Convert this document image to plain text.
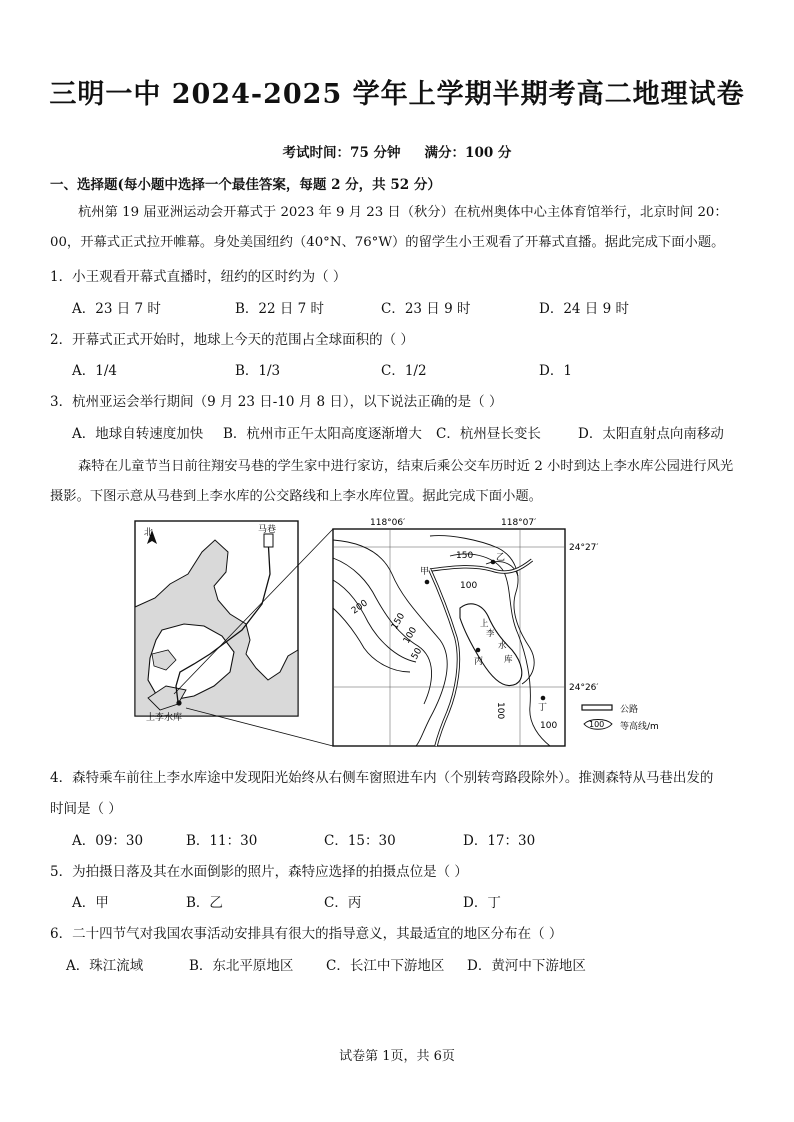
三明一中 2024-2025 学年上学期半期考高二地理试卷
考试时间：75 分钟 满分：100 分
一、选择题(每小题中选择一个最佳答案，每题 2 分，共 52 分）
杭州第 19 届亚洲运动会开幕式于 2023 年 9 月 23 日（秋分）在杭州奥体中心主体育馆举行，北京时间 20：00，开幕式正式拉开帷幕。身处美国纽约（40°N、76°W）的留学生小王观看了开幕式直播。据此完成下面小题。
1．小王观看开幕式直播时，纽约的区时约为（ ）
A．23 日 7 时	B．22 日 7 时	C．23 日 9 时	D．24 日 9 时
2．开幕式正式开始时，地球上今天的范围占全球面积的（ ）
A．1/4	B．1/3	C．1/2	D．1
3．杭州亚运会举行期间（9 月 23 日-10 月 8 日），以下说法正确的是（ ）
A．地球自转速度加快 B．杭州市正午太阳高度逐渐增大 C．杭州昼长变长	D．太阳直射点向南移动
森特在儿童节当日前往翔安马巷的学生家中进行家访，结束后乘公交车历时近 2 小时到达上李水库公园进行风光摄影。下图示意从马巷到上李水库的公交路线和上李水库位置。据此完成下面小题。
北	马巷
上李水库
甲
乙
丙
丁
150
100
200
150
100
50
100
100
上
李
水
库
118°06′	118°07′
24°27′
24°26′
公路
100 等高线/m
4．森特乘车前往上李水库途中发现阳光始终从右侧车窗照进车内（个别转弯路段除外）。推测森特从马巷出发的
时间是（ ）
A．09：30	B．11：30	C．15：30	D．17：30
5．为拍摄日落及其在水面倒影的照片，森特应选择的拍摄点位是（ ）
A．甲	B．乙	C．丙	D．丁
6．二十四节气对我国农事活动安排具有很大的指导意义，其最适宜的地区分布在（ ）
A．珠江流域	B．东北平原地区 C．长江中下游地区 D．黄河中下游地区
试卷第 1页，共 6页
